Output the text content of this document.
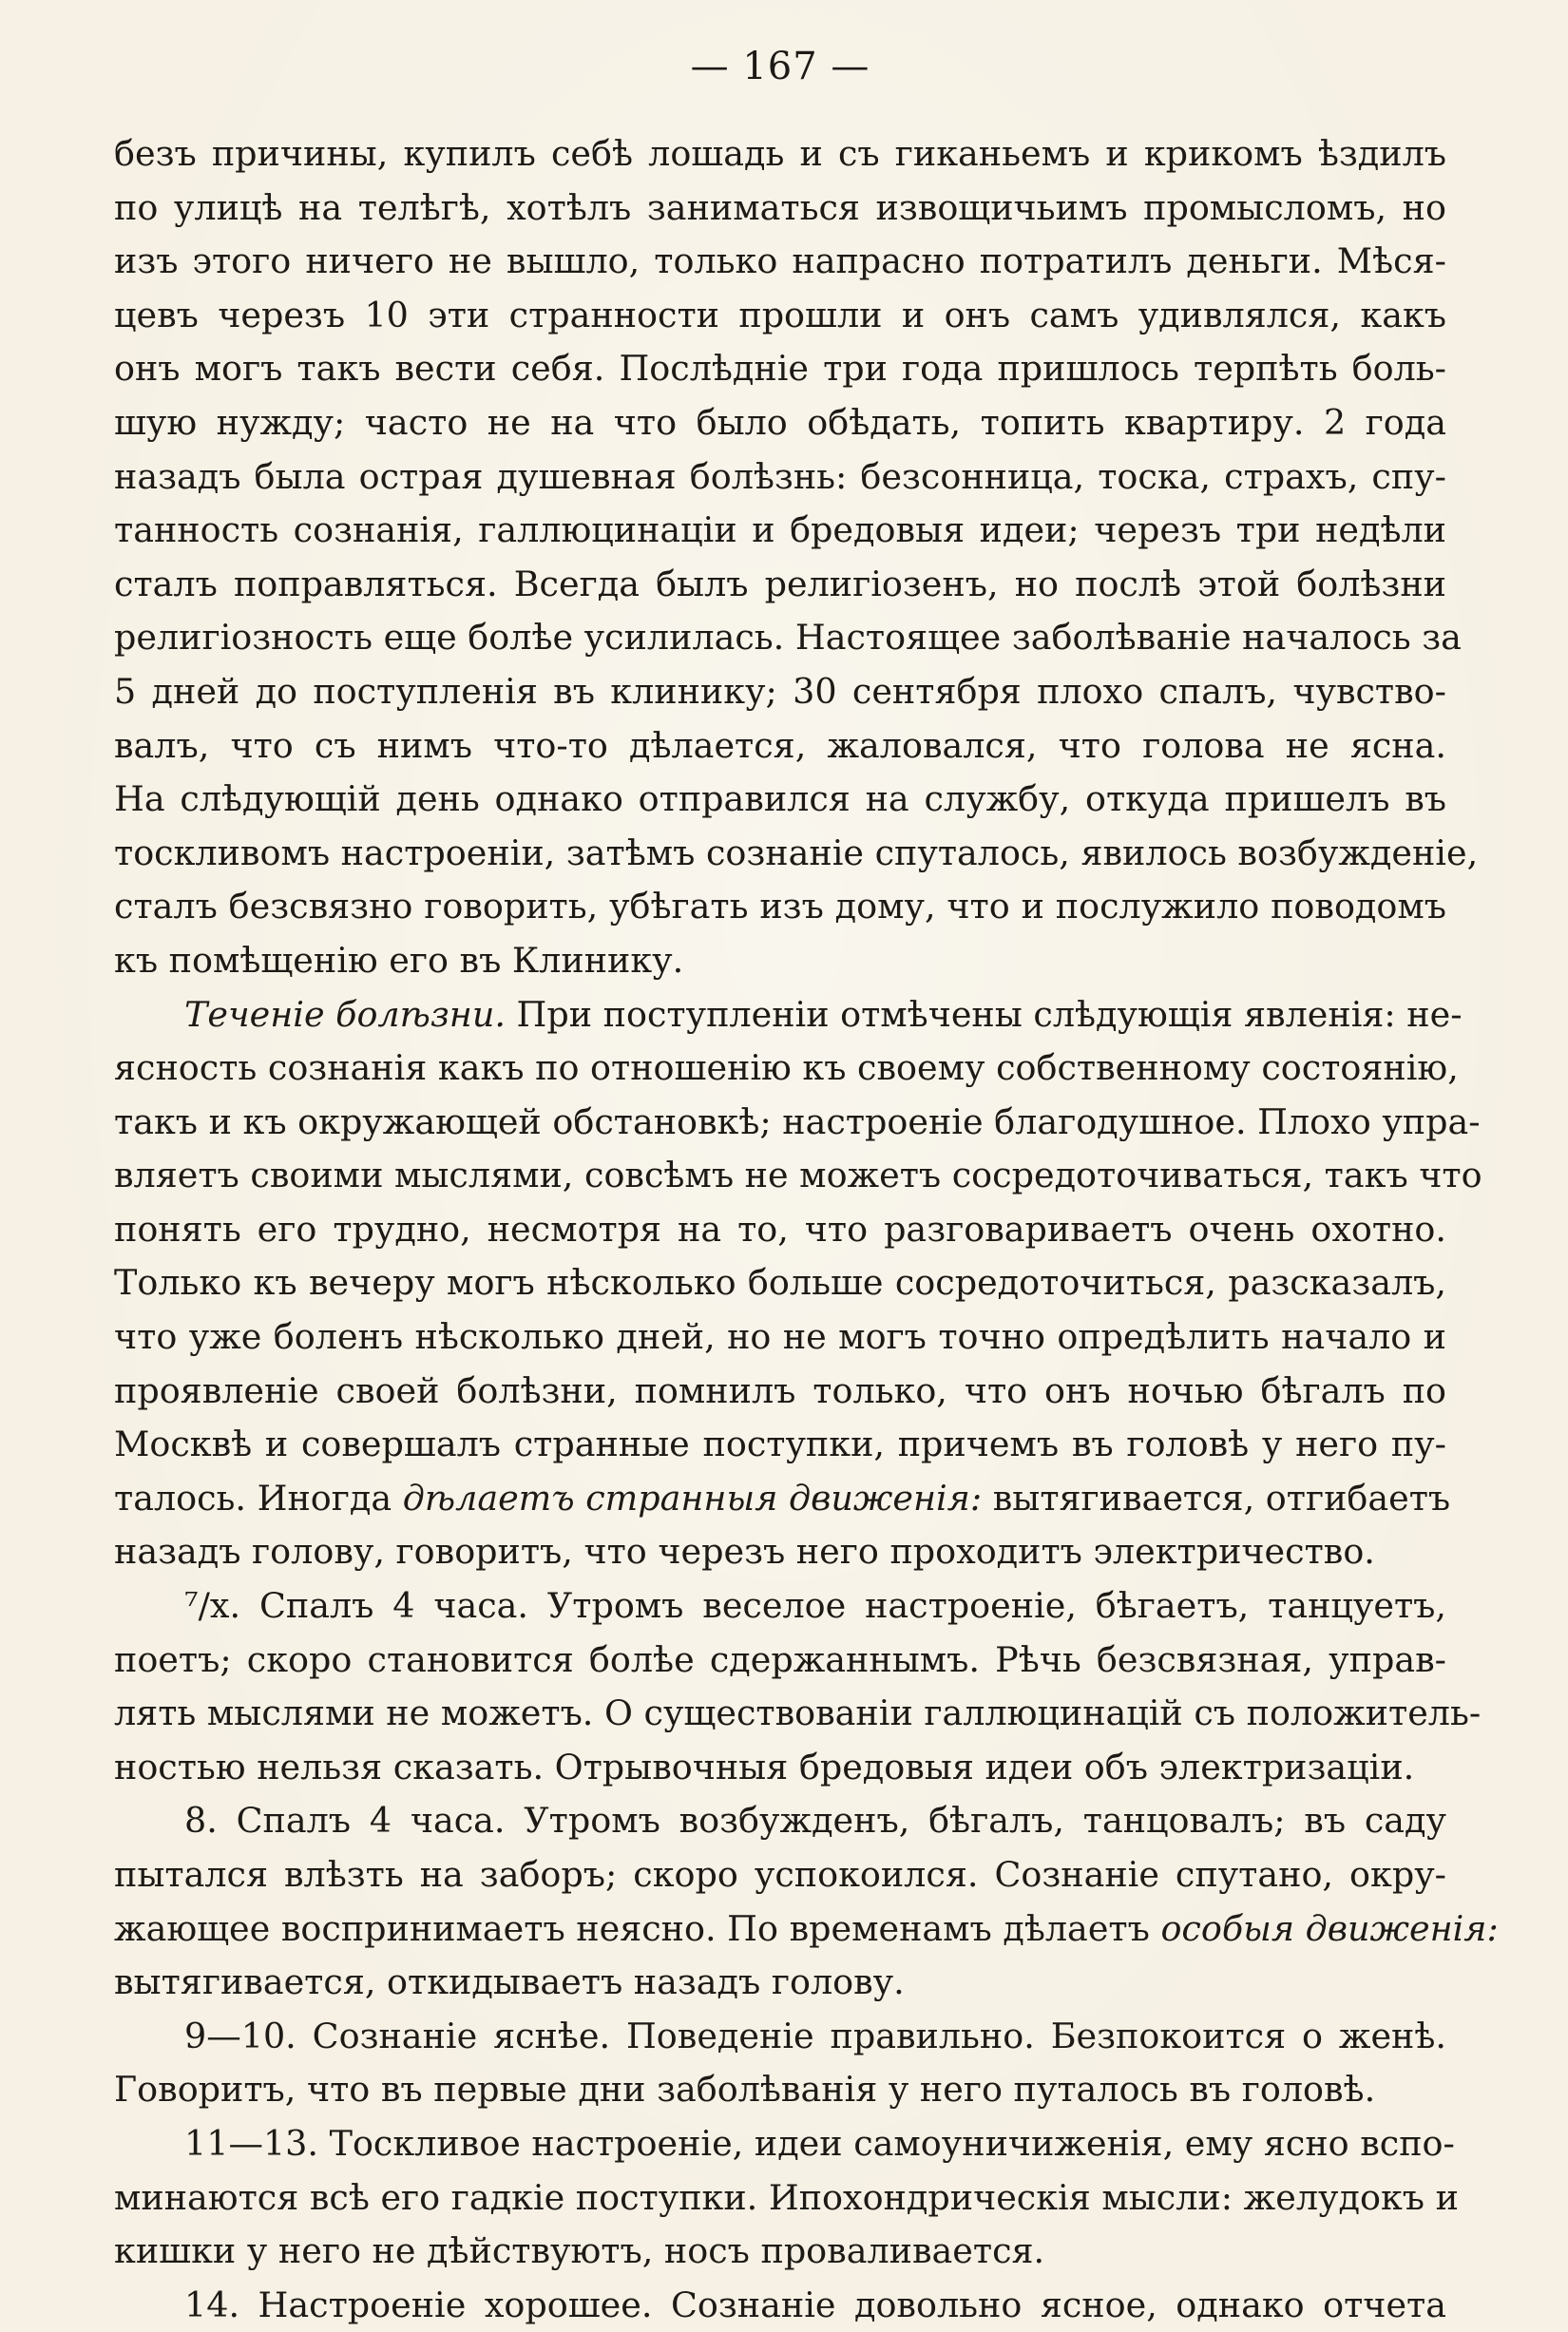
— 167 —
безъ причины, купилъ себѣ лошадь и съ гиканьемъ и крикомъ ѣздилъ
по улицѣ на телѣгѣ, хотѣлъ заниматься извощичьимъ промысломъ, но
изъ этого ничего не вышло, только напрасно потратилъ деньги. Мѣся-
цевъ черезъ 10 эти странности прошли и онъ самъ удивлялся, какъ
онъ могъ такъ вести себя. Послѣдніе три года пришлось терпѣть боль-
шую нужду; часто не на что было обѣдать, топить квартиру. 2 года
назадъ была острая душевная болѣзнь: безсонница, тоска, страхъ, спу-
танность сознанія, галлюцинаціи и бредовыя идеи; черезъ три недѣли
сталъ поправляться. Всегда былъ религіозенъ, но послѣ этой болѣзни
религіозность еще болѣе усилилась. Настоящее заболѣваніе началось за
5 дней до поступленія въ клинику; 30 сентября плохо спалъ, чувство-
валъ, что съ нимъ что-то дѣлается, жаловался, что голова не ясна.
На слѣдующій день однако отправился на службу, откуда пришелъ въ
тоскливомъ настроеніи, затѣмъ сознаніе спуталось, явилось возбужденіе,
сталъ безсвязно говорить, убѣгать изъ дому, что и послужило поводомъ
къ помѣщенію его въ Клинику.
Теченіе болѣзни. При поступленіи отмѣчены слѣдующія явленія: не-
ясность сознанія какъ по отношенію къ своему собственному состоянію,
такъ и къ окружающей обстановкѣ; настроеніе благодушное. Плохо упра-
вляетъ своими мыслями, совсѣмъ не можетъ сосредоточиваться, такъ что
понять его трудно, несмотря на то, что разговариваетъ очень охотно.
Только къ вечеру могъ нѣсколько больше сосредоточиться, разсказалъ,
что уже боленъ нѣсколько дней, но не могъ точно опредѣлить начало и
проявленіе своей болѣзни, помнилъ только, что онъ ночью бѣгалъ по
Москвѣ и совершалъ странные поступки, причемъ въ головѣ у него пу-
талось. Иногда дѣлаетъ странныя движенія: вытягивается, отгибаетъ
назадъ голову, говоритъ, что черезъ него проходитъ электричество.
⁷/x. Спалъ 4 часа. Утромъ веселое настроеніе, бѣгаетъ, танцуетъ,
поетъ; скоро становится болѣе сдержаннымъ. Рѣчь безсвязная, управ-
лять мыслями не можетъ. О существованіи галлюцинацій съ положитель-
ностью нельзя сказать. Отрывочныя бредовыя идеи объ электризаціи.
8. Спалъ 4 часа. Утромъ возбужденъ, бѣгалъ, танцовалъ; въ саду
пытался влѣзть на заборъ; скоро успокоился. Сознаніе спутано, окру-
жающее воспринимаетъ неясно. По временамъ дѣлаетъ особыя движенія:
вытягивается, откидываетъ назадъ голову.
9—10. Сознаніе яснѣе. Поведеніе правильно. Безпокоится о женѣ.
Говоритъ, что въ первые дни заболѣванія у него путалось въ головѣ.
11—13. Тоскливое настроеніе, идеи самоуничиженія, ему ясно вспо-
минаются всѣ его гадкіе поступки. Ипохондрическія мысли: желудокъ и
кишки у него не дѣйствуютъ, носъ проваливается.
14. Настроеніе хорошее. Сознаніе довольно ясное, однако отчета
